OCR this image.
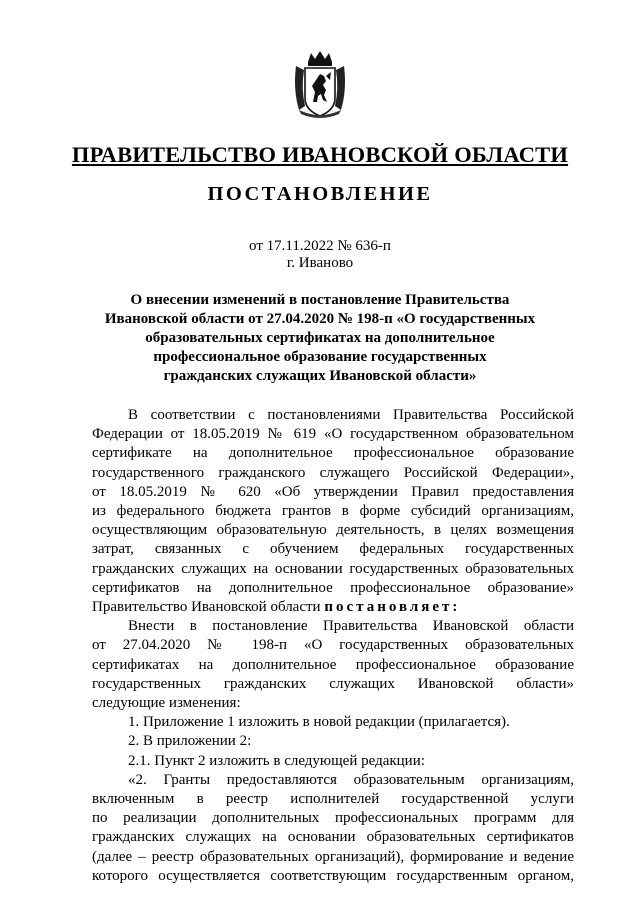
ПРАВИТЕЛЬСТВО ИВАНОВСКОЙ ОБЛАСТИ
ПОСТАНОВЛЕНИЕ
от 17.11.2022 № 636-п
г. Иваново
О внесении изменений в постановление Правительства
Ивановской области от 27.04.2020 № 198-п «О государственных
образовательных сертификатах на дополнительное
профессиональное образование государственных
гражданских служащих Ивановской области»
В соответствии с постановлениями Правительства Российской
Федерации от 18.05.2019 № 619 «О государственном образовательном
сертификате на дополнительное профессиональное образование
государственного гражданского служащего Российской Федерации»,
от 18.05.2019 № 620 «Об утверждении Правил предоставления
из федерального бюджета грантов в форме субсидий организациям,
осуществляющим образовательную деятельность, в целях возмещения
затрат, связанных с обучением федеральных государственных
гражданских служащих на основании государственных образовательных
сертификатов на дополнительное профессиональное образование»
Правительство Ивановской области постановляет:
Внести в постановление Правительства Ивановской области
от 27.04.2020 № 198-п «О государственных образовательных
сертификатах на дополнительное профессиональное образование
государственных гражданских служащих Ивановской области»
следующие изменения:
1. Приложение 1 изложить в новой редакции (прилагается).
2. В приложении 2:
2.1. Пункт 2 изложить в следующей редакции:
«2. Гранты предоставляются образовательным организациям,
включенным в реестр исполнителей государственной услуги
по реализации дополнительных профессиональных программ для
гражданских служащих на основании образовательных сертификатов
(далее – реестр образовательных организаций), формирование и ведение
которого осуществляется соответствующим государственным органом,
